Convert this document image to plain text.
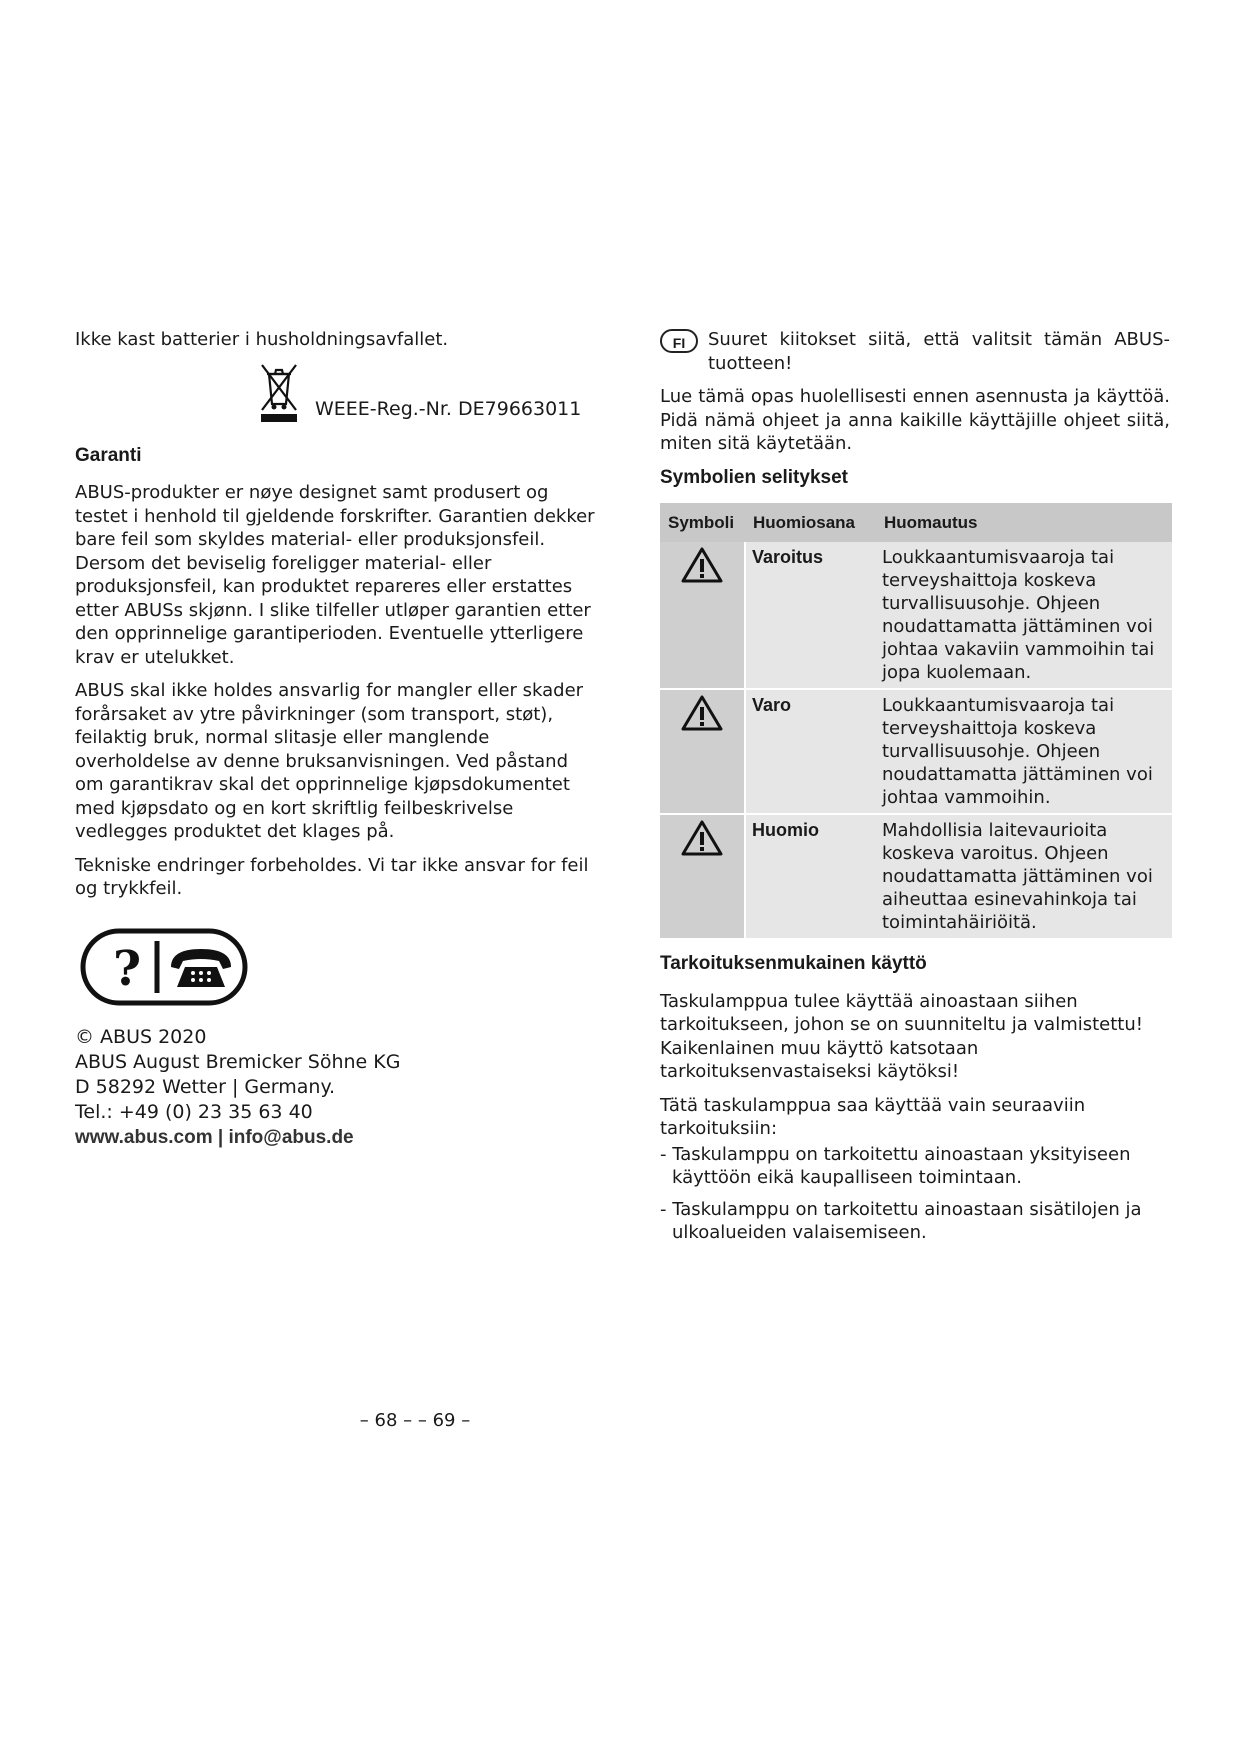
Ikke kast batterier i husholdningsavfallet.

WEEE-Reg.-Nr. DE79663011
Garanti

ABUS-produkter er nøye designet samt produsert og testet i henhold til gjeldende forskrifter. Garantien dekker bare feil som skyldes material- eller produksjonsfeil. Dersom det beviselig foreligger material- eller produksjonsfeil, kan produktet repareres eller erstattes etter ABUSs skjønn. I slike tilfeller utløper garantien etter den opprinnelige garantiperioden. Eventuelle ytterligere krav er utelukket.

ABUS skal ikke holdes ansvarlig for mangler eller skader forårsaket av ytre påvirkninger (som transport, støt), feilaktig bruk, normal slitasje eller manglende overholdelse av denne bruksanvisningen. Ved påstand om garantikrav skal det opprinnelige kjøpsdokumentet med kjøpsdato og en kort skriftlig feilbeskrivelse vedlegges produktet det klages på.

Tekniske endringer forbeholdes. Vi tar ikke ansvar for feil og trykkfeil.

?
© ABUS 2020
ABUS August Bremicker Söhne KG
D 58292 Wetter | Germany.
Tel.: +49 (0) 23 35 63 40
www.abus.com | info@abus.de
FI	Suuret kiitokset siitä, että valitsit tämän ABUS-tuotteen!

Lue tämä opas huolellisesti ennen asennusta ja käyttöä. Pidä nämä ohjeet ja anna kaikille käyttäjille ohjeet siitä, miten sitä käytetään.

Symbolien selitykset
Symboli	Huomiosana	Huomautus
	Varoitus	Loukkaantumisvaaroja tai terveyshaittoja koskeva turvallisuusohje. Ohjeen noudattamatta jättäminen voi johtaa vakaviin vammoihin tai jopa kuolemaan.
	Varo	Loukkaantumisvaaroja tai terveyshaittoja koskeva turvallisuusohje. Ohjeen noudattamatta jättäminen voi johtaa vammoihin.
	Huomio	Mahdollisia laitevaurioita koskeva varoitus. Ohjeen noudattamatta jättäminen voi aiheuttaa esinevahinkoja tai toimintahäiriöitä.
Tarkoituksenmukainen käyttö

Taskulamppua tulee käyttää ainoastaan siihen tarkoitukseen, johon se on suunniteltu ja valmistettu! Kaikenlainen muu käyttö katsotaan tarkoituksenvastaiseksi käytöksi!

Tätä taskulamppua saa käyttää vain seuraaviin tarkoituksiin:

- Taskulamppu on tarkoitettu ainoastaan yksityiseen käyttöön eikä kaupalliseen toimintaan.
- Taskulamppu on tarkoitettu ainoastaan sisätilojen ja ulkoalueiden valaisemiseen.
– 68 – – 69 –
